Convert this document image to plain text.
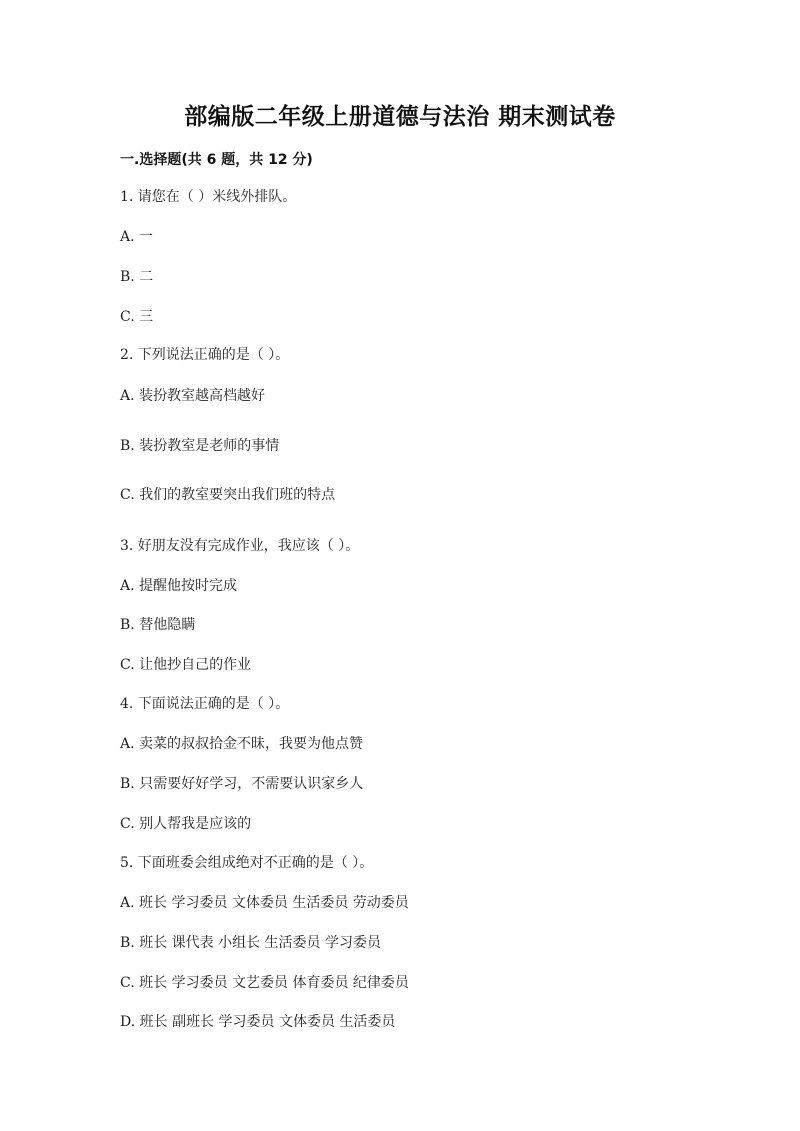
部编版二年级上册道德与法治 期末测试卷
一.选择题(共 6 题，共 12 分)
1. 请您在（ ）米线外排队。
A. 一
B. 二
C. 三
2. 下列说法正确的是（ ）。
A. 装扮教室越高档越好
B. 装扮教室是老师的事情
C. 我们的教室要突出我们班的特点
3. 好朋友没有完成作业，我应该（ ）。
A. 提醒他按时完成
B. 替他隐瞒
C. 让他抄自己的作业
4. 下面说法正确的是（ ）。
A. 卖菜的叔叔拾金不昧，我要为他点赞
B. 只需要好好学习，不需要认识家乡人
C. 别人帮我是应该的
5. 下面班委会组成绝对不正确的是（ ）。
A. 班长 学习委员 文体委员 生活委员 劳动委员
B. 班长 课代表 小组长 生活委员 学习委员
C. 班长 学习委员 文艺委员 体育委员 纪律委员
D. 班长 副班长 学习委员 文体委员 生活委员
